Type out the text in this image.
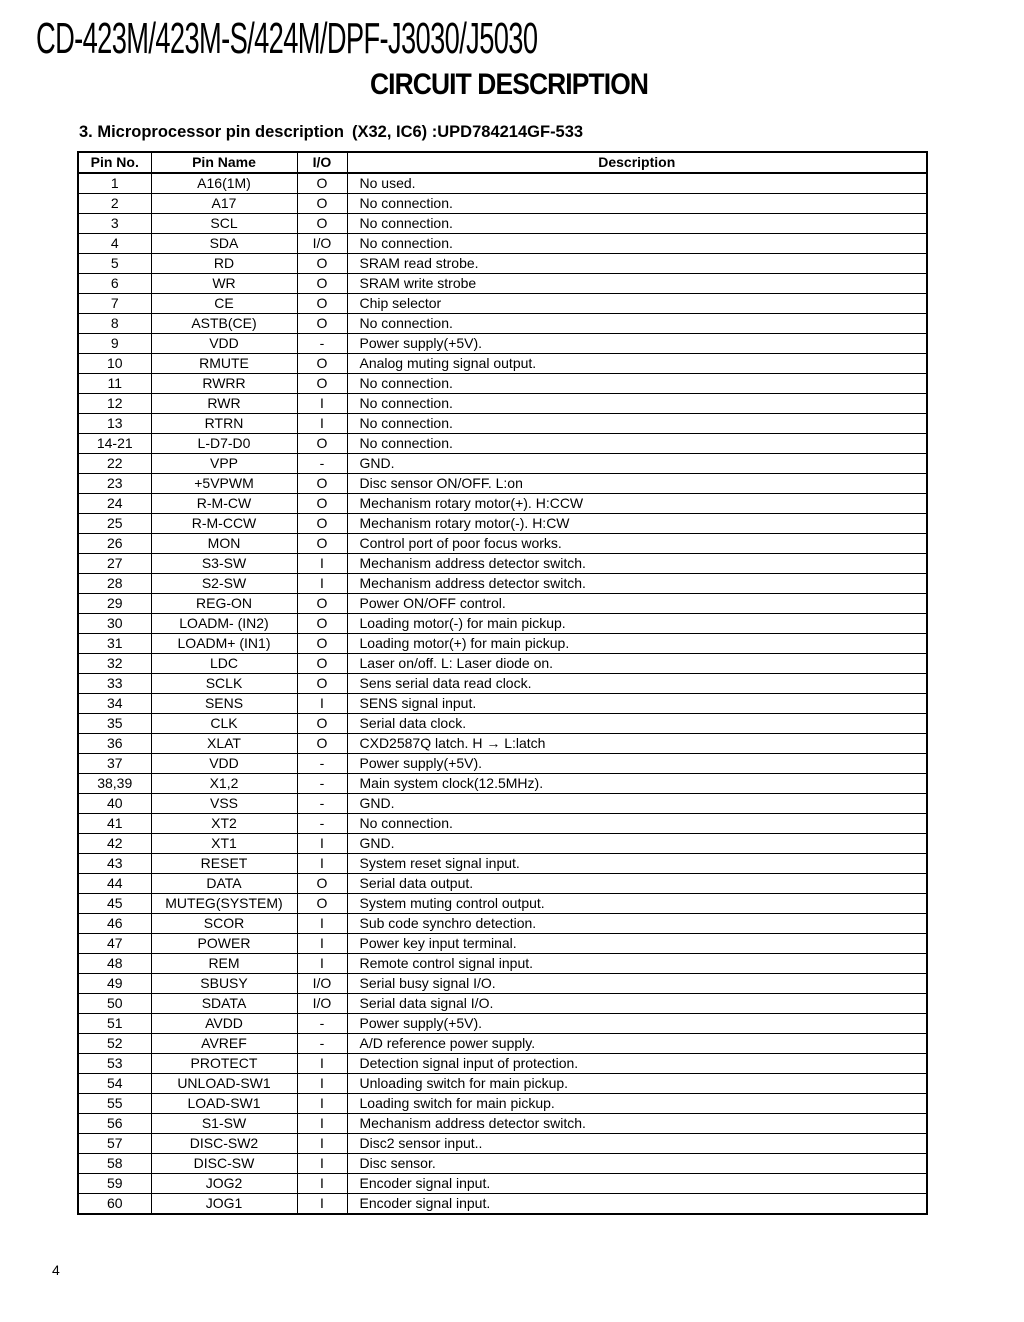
CD-423M/423M-S/424M/DPF-J3030/J5030
CIRCUIT DESCRIPTION
3. Microprocessor pin description (X32, IC6) :UPD784214GF-533
Pin No.	Pin Name	I/O	Description
1	A16(1M)	O	No used.
2	A17	O	No connection.
3	SCL	O	No connection.
4	SDA	I/O	No connection.
5	RD	O	SRAM read strobe.
6	WR	O	SRAM write strobe
7	CE	O	Chip selector
8	ASTB(CE)	O	No connection.
9	VDD	-	Power supply(+5V).
10	RMUTE	O	Analog muting signal output.
11	RWRR	O	No connection.
12	RWR	I	No connection.
13	RTRN	I	No connection.
14-21	L-D7-D0	O	No connection.
22	VPP	-	GND.
23	+5VPWM	O	Disc sensor ON/OFF. L:on
24	R-M-CW	O	Mechanism rotary motor(+). H:CCW
25	R-M-CCW	O	Mechanism rotary motor(-). H:CW
26	MON	O	Control port of poor focus works.
27	S3-SW	I	Mechanism address detector switch.
28	S2-SW	I	Mechanism address detector switch.
29	REG-ON	O	Power ON/OFF control.
30	LOADM- (IN2)	O	Loading motor(-) for main pickup.
31	LOADM+ (IN1)	O	Loading motor(+) for main pickup.
32	LDC	O	Laser on/off. L: Laser diode on.
33	SCLK	O	Sens serial data read clock.
34	SENS	I	SENS signal input.
35	CLK	O	Serial data clock.
36	XLAT	O	CXD2587Q latch. H → L:latch
37	VDD	-	Power supply(+5V).
38,39	X1,2	-	Main system clock(12.5MHz).
40	VSS	-	GND.
41	XT2	-	No connection.
42	XT1	I	GND.
43	RESET	I	System reset signal input.
44	DATA	O	Serial data output.
45	MUTEG(SYSTEM)	O	System muting control output.
46	SCOR	I	Sub code synchro detection.
47	POWER	I	Power key input terminal.
48	REM	I	Remote control signal input.
49	SBUSY	I/O	Serial busy signal I/O.
50	SDATA	I/O	Serial data signal I/O.
51	AVDD	-	Power supply(+5V).
52	AVREF	-	A/D reference power supply.
53	PROTECT	I	Detection signal input of protection.
54	UNLOAD-SW1	I	Unloading switch for main pickup.
55	LOAD-SW1	I	Loading switch for main pickup.
56	S1-SW	I	Mechanism address detector switch.
57	DISC-SW2	I	Disc2 sensor input..
58	DISC-SW	I	Disc sensor.
59	JOG2	I	Encoder signal input.
60	JOG1	I	Encoder signal input.
4
